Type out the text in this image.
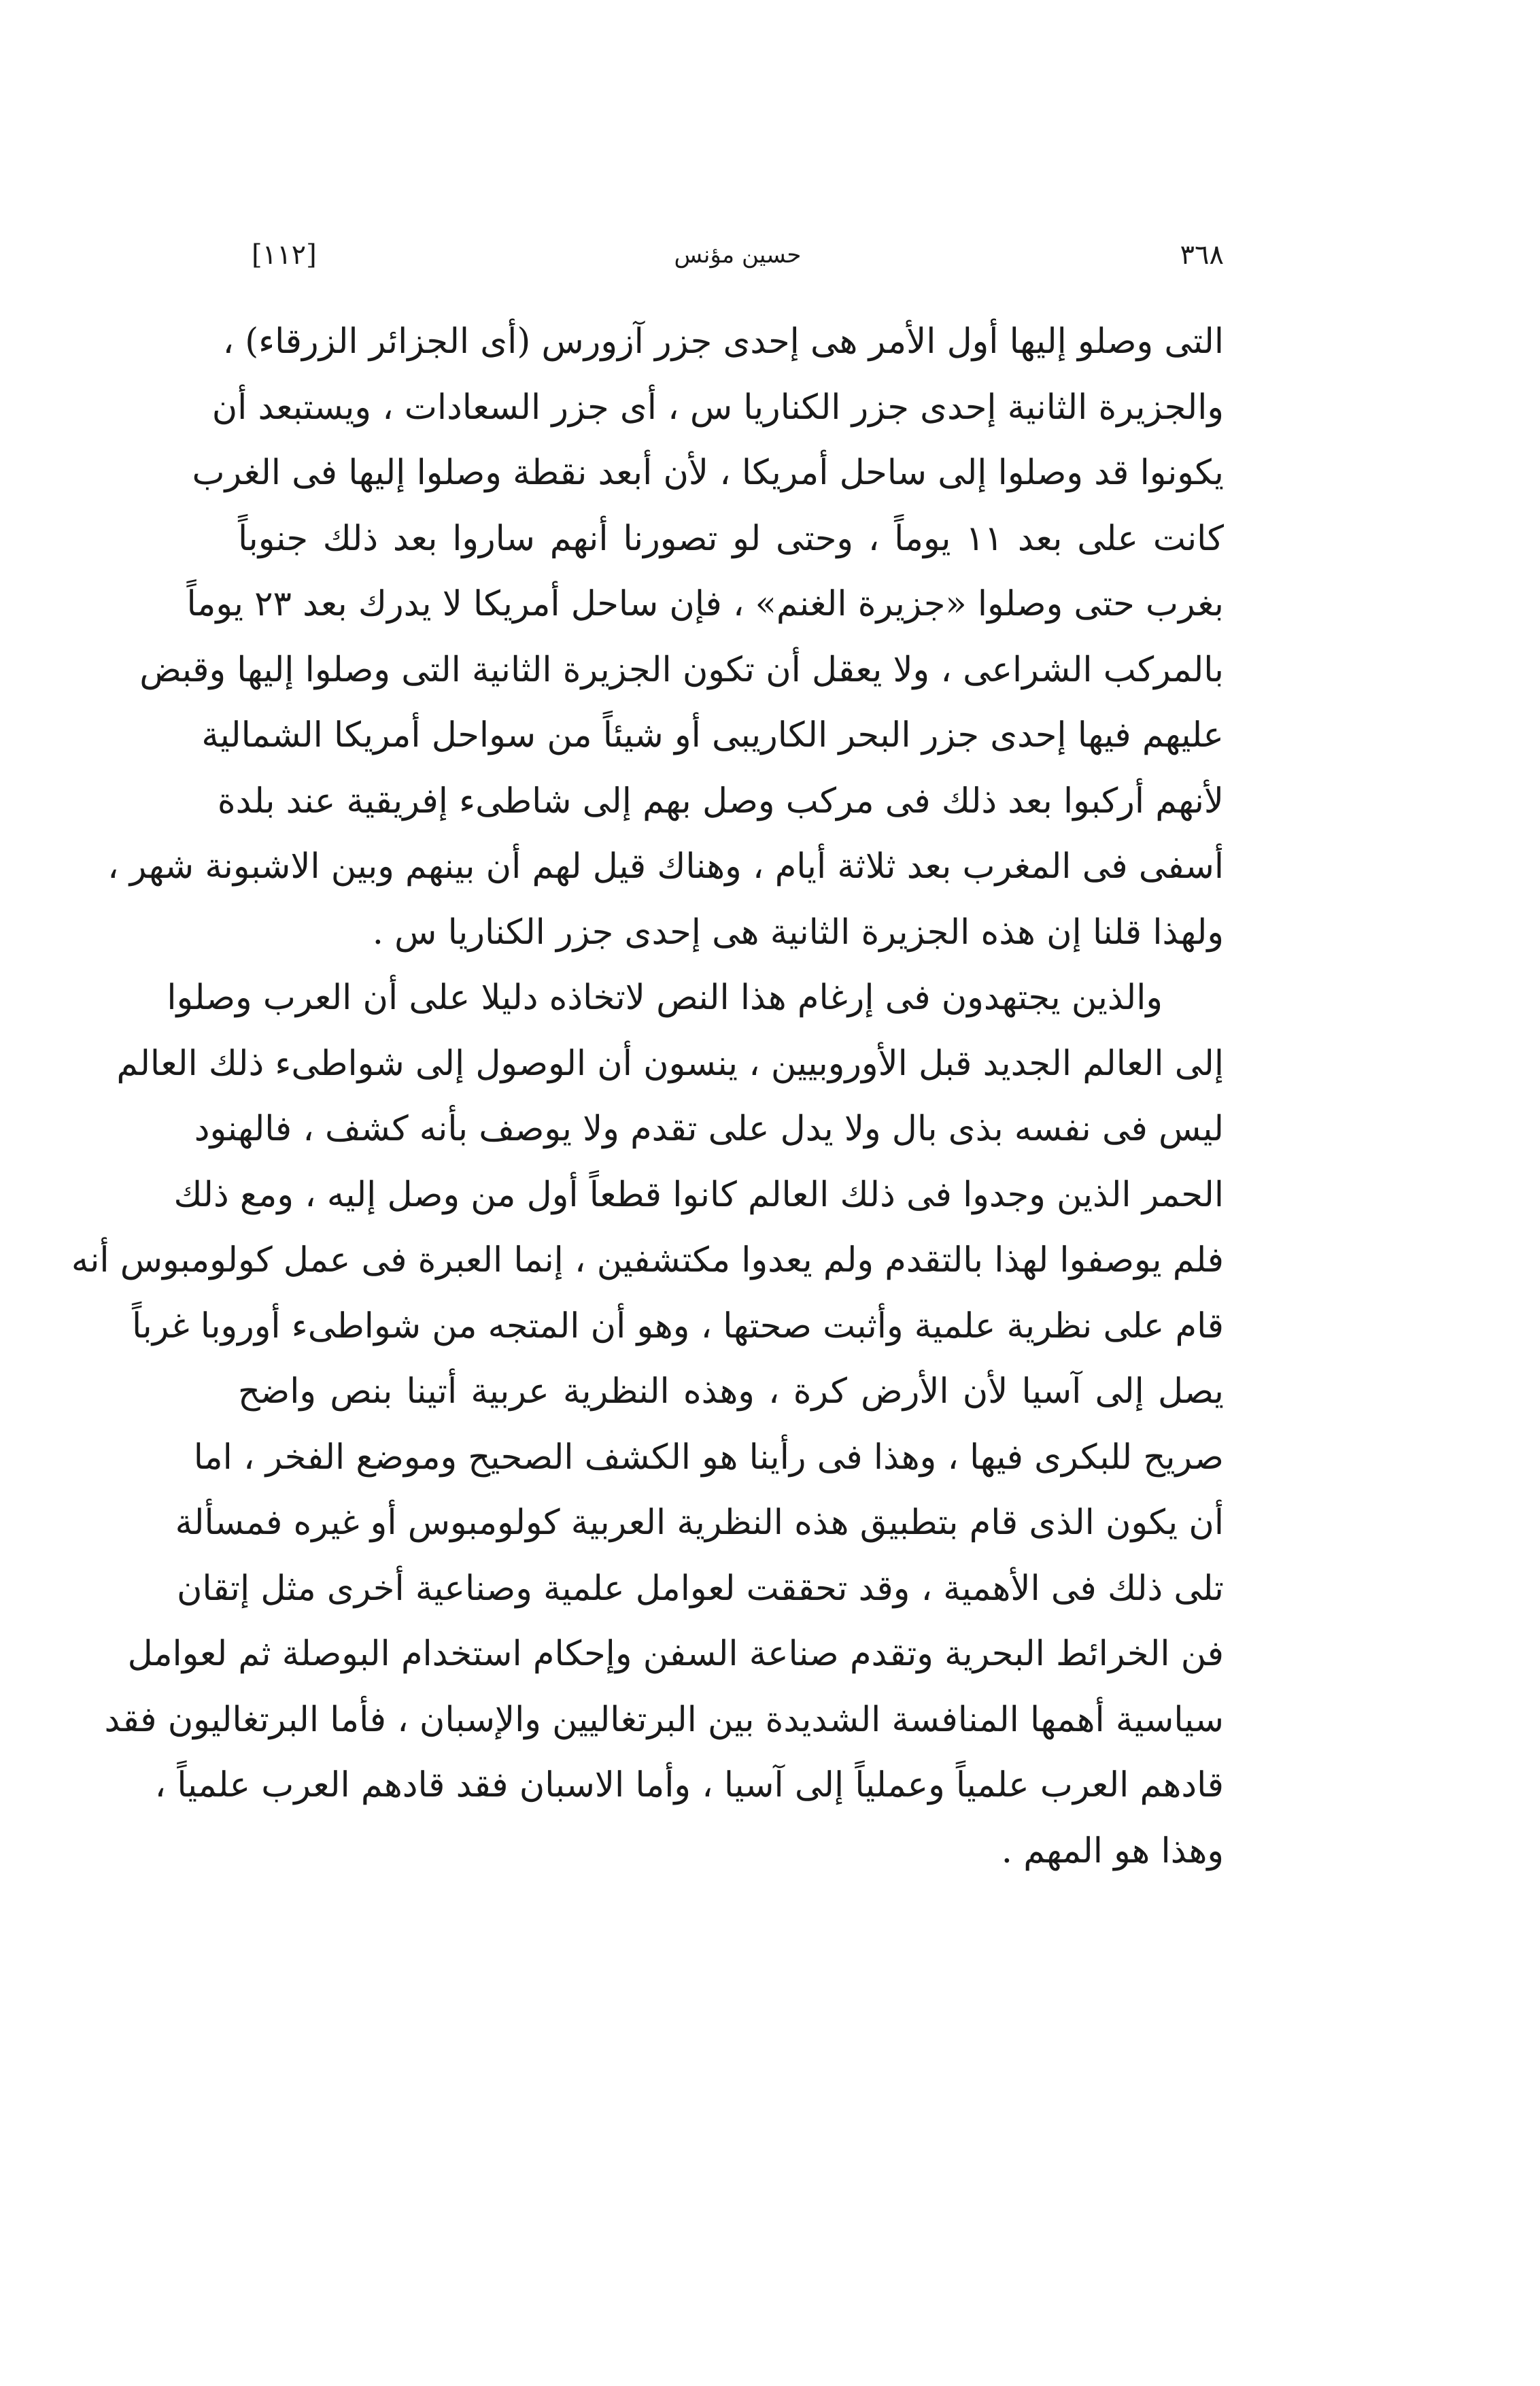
٣٦٨
حسين مؤنس
[١١٢]
التى وصلو إليها أول الأمر هى إحدى جزر آزورس (أى الجزائر الزرقاء) ،
والجزيرة الثانية إحدى جزر الكناريا س ، أى جزر السعادات ، ويستبعد أن
يكونوا قد وصلوا إلى ساحل أمريكا ، لأن أبعد نقطة وصلوا إليها فى الغرب
كانت على بعد ١١ يوماً ، وحتى لو تصورنا أنهم ساروا بعد ذلك جنوباً
بغرب حتى وصلوا «جزيرة الغنم» ، فإن ساحل أمريكا لا يدرك بعد ٢٣ يوماً
بالمركب الشراعى ، ولا يعقل أن تكون الجزيرة الثانية التى وصلوا إليها وقبض
عليهم فيها إحدى جزر البحر الكاريبى أو شيئاً من سواحل أمريكا الشمالية
لأنهم أركبوا بعد ذلك فى مركب وصل بهم إلى شاطىء إفريقية عند بلدة
أسفى فى المغرب بعد ثلاثة أيام ، وهناك قيل لهم أن بينهم وبين الاشبونة شهر ،
ولهذا قلنا إن هذه الجزيرة الثانية هى إحدى جزر الكناريا س .
والذين يجتهدون فى إرغام هذا النص لاتخاذه دليلا على أن العرب وصلوا
إلى العالم الجديد قبل الأوروبيين ، ينسون أن الوصول إلى شواطىء ذلك العالم
ليس فى نفسه بذى بال ولا يدل على تقدم ولا يوصف بأنه كشف ، فالهنود
الحمر الذين وجدوا فى ذلك العالم كانوا قطعاً أول من وصل إليه ، ومع ذلك
فلم يوصفوا لهذا بالتقدم ولم يعدوا مكتشفين ، إنما العبرة فى عمل كولومبوس أنه
قام على نظرية علمية وأثبت صحتها ، وهو أن المتجه من شواطىء أوروبا غرباً
يصل إلى آسيا لأن الأرض كرة ، وهذه النظرية عربية أتينا بنص واضح
صريح للبكرى فيها ، وهذا فى رأينا هو الكشف الصحيح وموضع الفخر ، اما
أن يكون الذى قام بتطبيق هذه النظرية العربية كولومبوس أو غيره فمسألة
تلى ذلك فى الأهمية ، وقد تحققت لعوامل علمية وصناعية أخرى مثل إتقان
فن الخرائط البحرية وتقدم صناعة السفن وإحكام استخدام البوصلة ثم لعوامل
سياسية أهمها المنافسة الشديدة بين البرتغاليين والإسبان ، فأما البرتغاليون فقد
قادهم العرب علمياً وعملياً إلى آسيا ، وأما الاسبان فقد قادهم العرب علمياً ،
وهذا هو المهم .
